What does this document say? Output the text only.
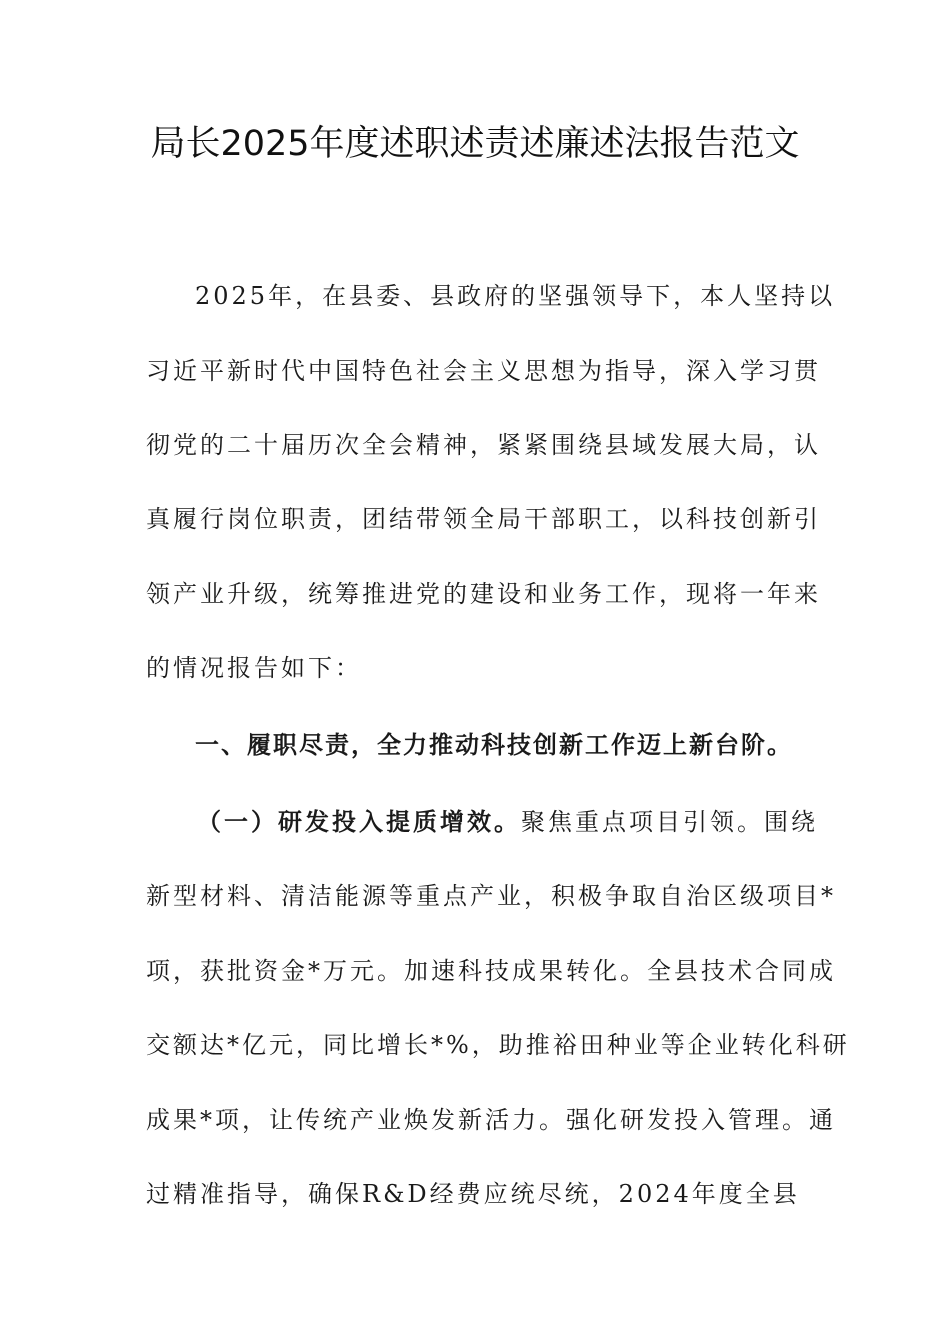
局长2025年度述职述责述廉述法报告范文

2025年，在县委、县政府的坚强领导下，本人坚持以

习近平新时代中国特色社会主义思想为指导，深入学习贯

彻党的二十届历次全会精神，紧紧围绕县域发展大局，认

真履行岗位职责，团结带领全局干部职工，以科技创新引

领产业升级，统筹推进党的建设和业务工作，现将一年来

的情况报告如下：

一、履职尽责，全力推动科技创新工作迈上新台阶。

（一）研发投入提质增效。聚焦重点项目引领。围绕

新型材料、清洁能源等重点产业，积极争取自治区级项目*

项，获批资金*万元。加速科技成果转化。全县技术合同成

交额达*亿元，同比增长*%，助推裕田种业等企业转化科研

成果*项，让传统产业焕发新活力。强化研发投入管理。通

过精准指导，确保R&D经费应统尽统，2024年度全县
